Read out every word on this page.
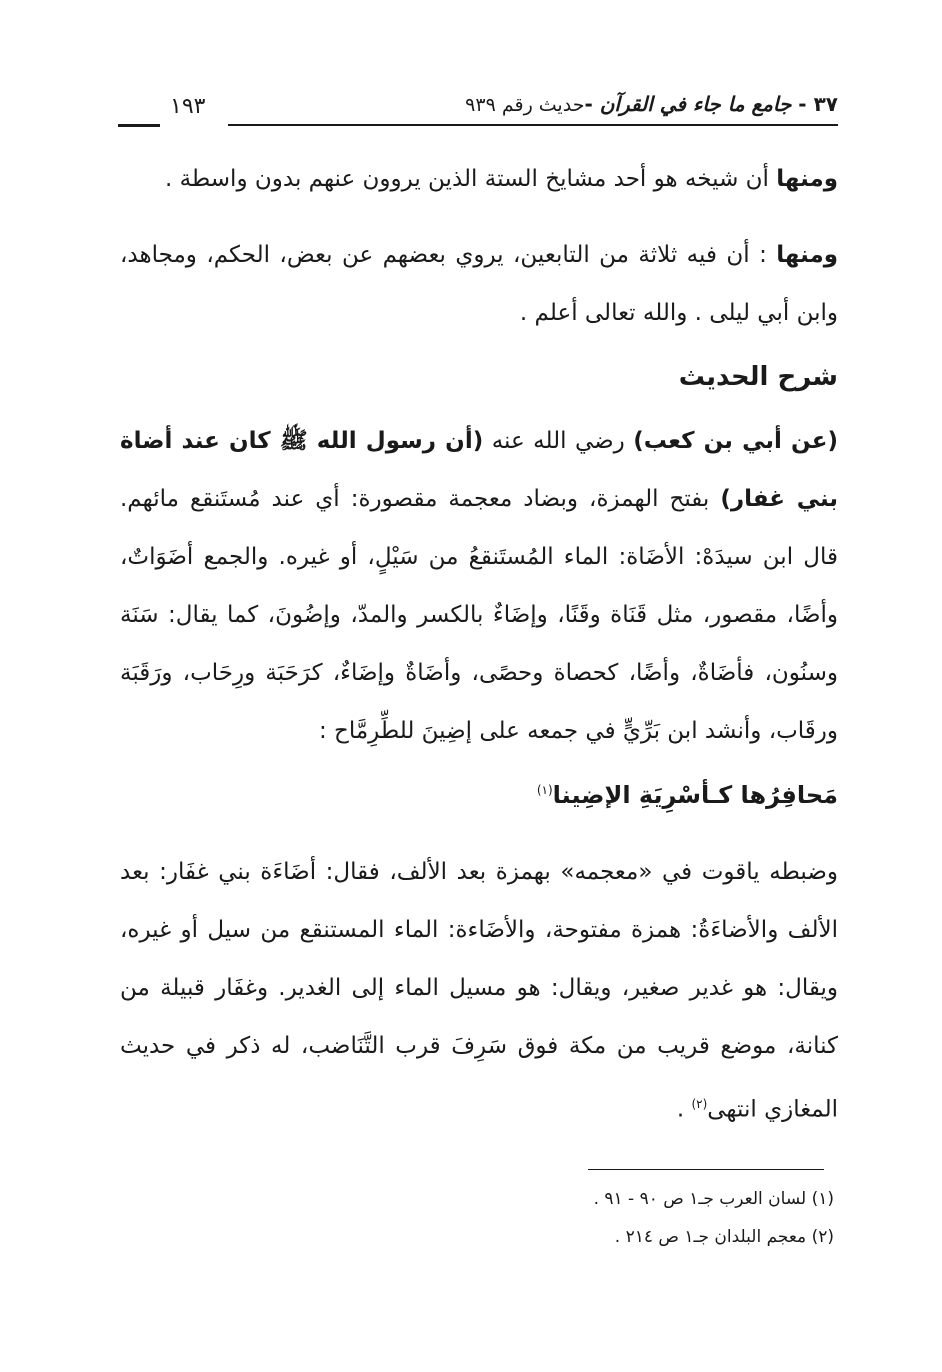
٣٧ - جامع ما جاء في القرآن -حديث رقم ٩٣٩
١٩٣

ومنها أن شيخه هو أحد مشايخ الستة الذين يروون عنهم بدون واسطة .

ومنها : أن فيه ثلاثة من التابعين، يروي بعضهم عن بعض، الحكم، ومجاهد، وابن أبي ليلى . والله تعالى أعلم .

شرح الحديث

(عن أبي بن كعب) رضي الله عنه (أن رسول الله ﷺ كان عند أضاة بني غفار) بفتح الهمزة، وبضاد معجمة مقصورة: أي عند مُستَنقع مائهم. قال ابن سيدَهْ: الأضَاة: الماء المُستَنقعُ من سَيْلٍ، أو غيره. والجمع أضَوَاتٌ، وأضًا، مقصور، مثل قَنَاة وقَنًا، وإضَاءٌ بالكسر والمدّ، وإضُونَ، كما يقال: سَنَة وسنُون، فأضَاةٌ، وأضًا، كحصاة وحصًى، وأضَاةٌ وإضَاءٌ، كرَحَبَة ورِحَاب، ورَقَبَة ورقَاب، وأنشد ابن بَرِّيٍّ في جمعه على إضِينَ للطِّرِمَّاح :

مَحافِرُها كـأسْرِيَةِ الإضِينا$^{(١)}$

وضبطه ياقوت في «معجمه» بهمزة بعد الألف، فقال: أضَاءَة بني غفَار: بعد الألف والأضاءَةُ: همزة مفتوحة، والأضَاءة: الماء المستنقع من سيل أو غيره، ويقال: هو غدير صغير، ويقال: هو مسيل الماء إلى الغدير. وغفَار قبيلة من كنانة، موضع قريب من مكة فوق سَرِفَ قرب التَّنَاضب، له ذكر في حديث المغازي انتهى$^{(٢)}$ .

(١) لسان العرب جـ١ ص ٩٠ - ٩١ .
(٢) معجم البلدان جـ١ ص ٢١٤ .
